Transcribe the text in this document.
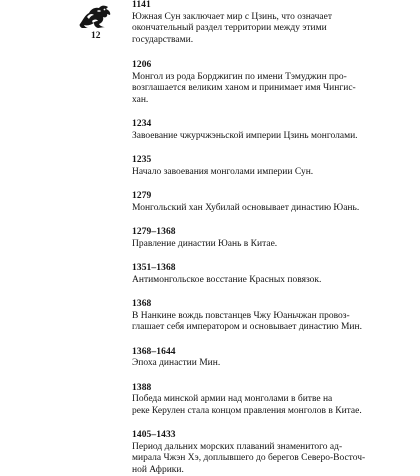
12
1141
Южная Сун заключает мир с Цзинь, что означает
окончательный раздел территории между этими
государствами.
1206
Монгол из рода Борджигин по имени Тэмуджин про-
возглашается великим ханом и принимает имя Чингис-
хан.
1234
Завоевание чжурчжэньской империи Цзинь монголами.
1235
Начало завоевания монголами империи Сун.
1279
Монгольский хан Хубилай основывает династию Юань.
1279–1368
Правление династии Юань в Китае.
1351–1368
Антимонгольское восстание Красных повязок.
1368
В Нанкине вождь повстанцев Чжу Юаньчжан провоз-
глашает себя императором и основывает династию Мин.
1368–1644
Эпоха династии Мин.
1388
Победа минской армии над монголами в битве на
реке Керулен стала концом правления монголов в Китае.
1405–1433
Период дальних морских плаваний знаменитого ад-
мирала Чжэн Хэ, доплывшего до берегов Северо-Восточ-
ной Африки.
